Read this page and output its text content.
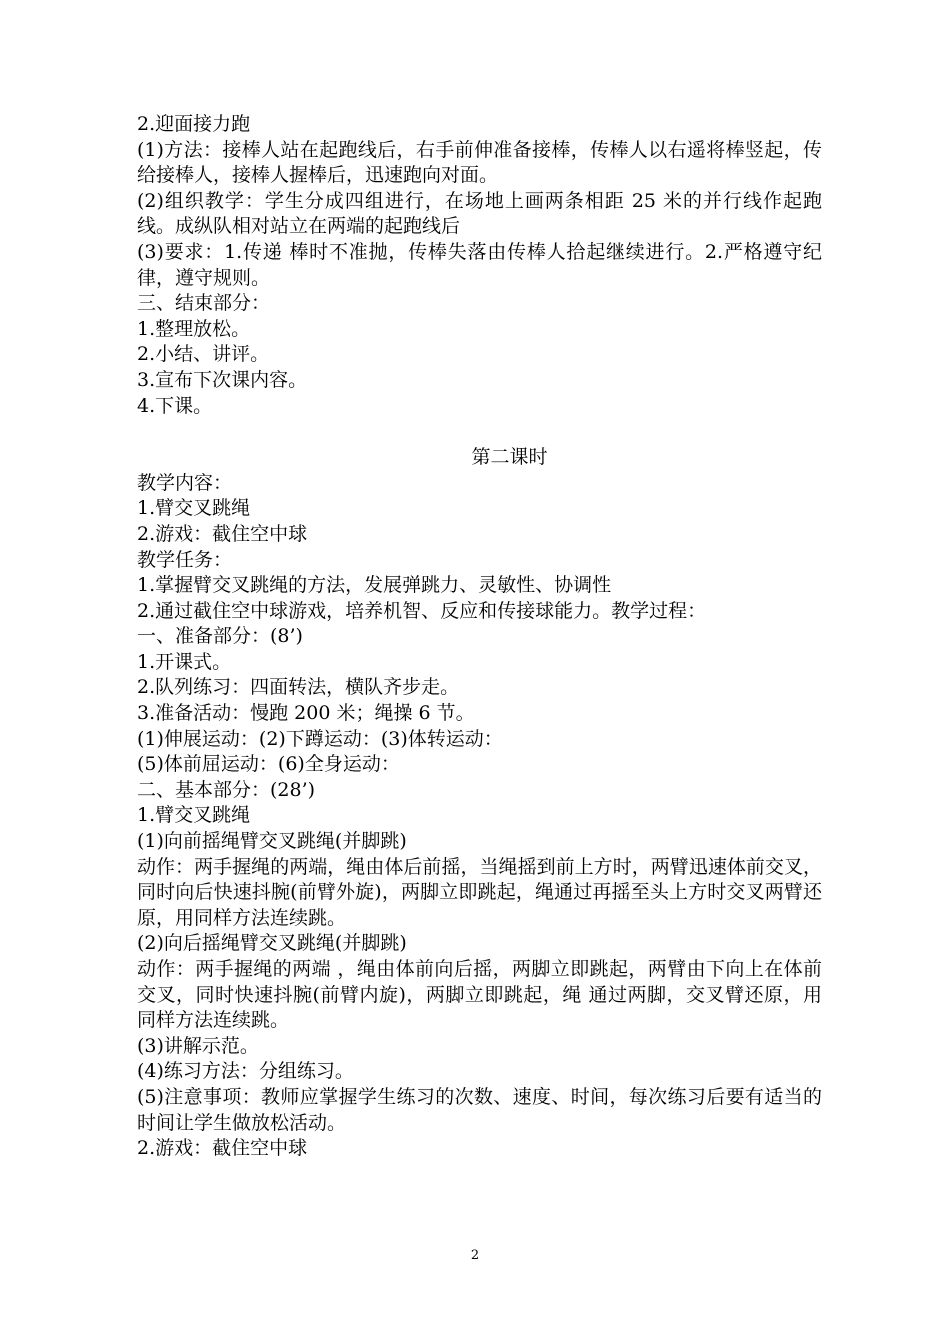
2.迎面接力跑
(1)方法：接棒人站在起跑线后，右手前伸准备接棒，传棒人以右遥将棒竖起，传给接棒人，接棒人握棒后，迅速跑向对面。
(2)组织教学：学生分成四组进行，在场地上画两条相距 25 米的并行线作起跑线。成纵队相对站立在两端的起跑线后
(3)要求：1.传递 棒时不准抛，传棒失落由传棒人拾起继续进行。2.严格遵守纪律，遵守规则。
三、结束部分：
1.整理放松。
2.小结、讲评。
3.宣布下次课内容。
4.下课。
第二课时
教学内容：
1.臂交叉跳绳
2.游戏：截住空中球
教学任务：
1.掌握臂交叉跳绳的方法，发展弹跳力、灵敏性、协调性
2.通过截住空中球游戏，培养机智、反应和传接球能力。教学过程：
一、准备部分：(8’)
1.开课式。
2.队列练习：四面转法，横队齐步走。
3.准备活动：慢跑 200 米；绳操 6 节。
(1)伸展运动：(2)下蹲运动：(3)体转运动：
(5)体前屈运动：(6)全身运动：
二、基本部分：(28’)
1.臂交叉跳绳
(1)向前摇绳臂交叉跳绳(并脚跳)
动作：两手握绳的两端，绳由体后前摇，当绳摇到前上方时，两臂迅速体前交叉，同时向后快速抖腕(前臂外旋)，两脚立即跳起，绳通过再摇至头上方时交叉两臂还原，用同样方法连续跳。
(2)向后摇绳臂交叉跳绳(并脚跳)
动作：两手握绳的两端 ，绳由体前向后摇，两脚立即跳起，两臂由下向上在体前交叉，同时快速抖腕(前臂内旋)，两脚立即跳起，绳 通过两脚，交叉臂还原，用同样方法连续跳。
(3)讲解示范。
(4)练习方法：分组练习。
(5)注意事项：教师应掌握学生练习的次数、速度、时间，每次练习后要有适当的时间让学生做放松活动。
2.游戏：截住空中球
2
